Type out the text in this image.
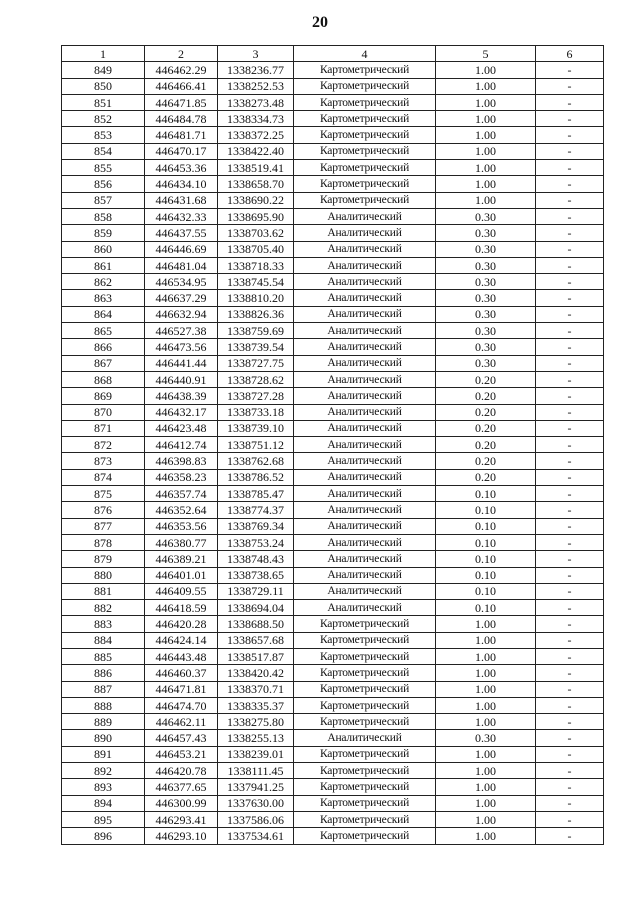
20
1	2	3	4	5	6
849	446462.29	1338236.77	Картометрический	1.00	-
850	446466.41	1338252.53	Картометрический	1.00	-
851	446471.85	1338273.48	Картометрический	1.00	-
852	446484.78	1338334.73	Картометрический	1.00	-
853	446481.71	1338372.25	Картометрический	1.00	-
854	446470.17	1338422.40	Картометрический	1.00	-
855	446453.36	1338519.41	Картометрический	1.00	-
856	446434.10	1338658.70	Картометрический	1.00	-
857	446431.68	1338690.22	Картометрический	1.00	-
858	446432.33	1338695.90	Аналитический	0.30	-
859	446437.55	1338703.62	Аналитический	0.30	-
860	446446.69	1338705.40	Аналитический	0.30	-
861	446481.04	1338718.33	Аналитический	0.30	-
862	446534.95	1338745.54	Аналитический	0.30	-
863	446637.29	1338810.20	Аналитический	0.30	-
864	446632.94	1338826.36	Аналитический	0.30	-
865	446527.38	1338759.69	Аналитический	0.30	-
866	446473.56	1338739.54	Аналитический	0.30	-
867	446441.44	1338727.75	Аналитический	0.30	-
868	446440.91	1338728.62	Аналитический	0.20	-
869	446438.39	1338727.28	Аналитический	0.20	-
870	446432.17	1338733.18	Аналитический	0.20	-
871	446423.48	1338739.10	Аналитический	0.20	-
872	446412.74	1338751.12	Аналитический	0.20	-
873	446398.83	1338762.68	Аналитический	0.20	-
874	446358.23	1338786.52	Аналитический	0.20	-
875	446357.74	1338785.47	Аналитический	0.10	-
876	446352.64	1338774.37	Аналитический	0.10	-
877	446353.56	1338769.34	Аналитический	0.10	-
878	446380.77	1338753.24	Аналитический	0.10	-
879	446389.21	1338748.43	Аналитический	0.10	-
880	446401.01	1338738.65	Аналитический	0.10	-
881	446409.55	1338729.11	Аналитический	0.10	-
882	446418.59	1338694.04	Аналитический	0.10	-
883	446420.28	1338688.50	Картометрический	1.00	-
884	446424.14	1338657.68	Картометрический	1.00	-
885	446443.48	1338517.87	Картометрический	1.00	-
886	446460.37	1338420.42	Картометрический	1.00	-
887	446471.81	1338370.71	Картометрический	1.00	-
888	446474.70	1338335.37	Картометрический	1.00	-
889	446462.11	1338275.80	Картометрический	1.00	-
890	446457.43	1338255.13	Аналитический	0.30	-
891	446453.21	1338239.01	Картометрический	1.00	-
892	446420.78	1338111.45	Картометрический	1.00	-
893	446377.65	1337941.25	Картометрический	1.00	-
894	446300.99	1337630.00	Картометрический	1.00	-
895	446293.41	1337586.06	Картометрический	1.00	-
896	446293.10	1337534.61	Картометрический	1.00	-
